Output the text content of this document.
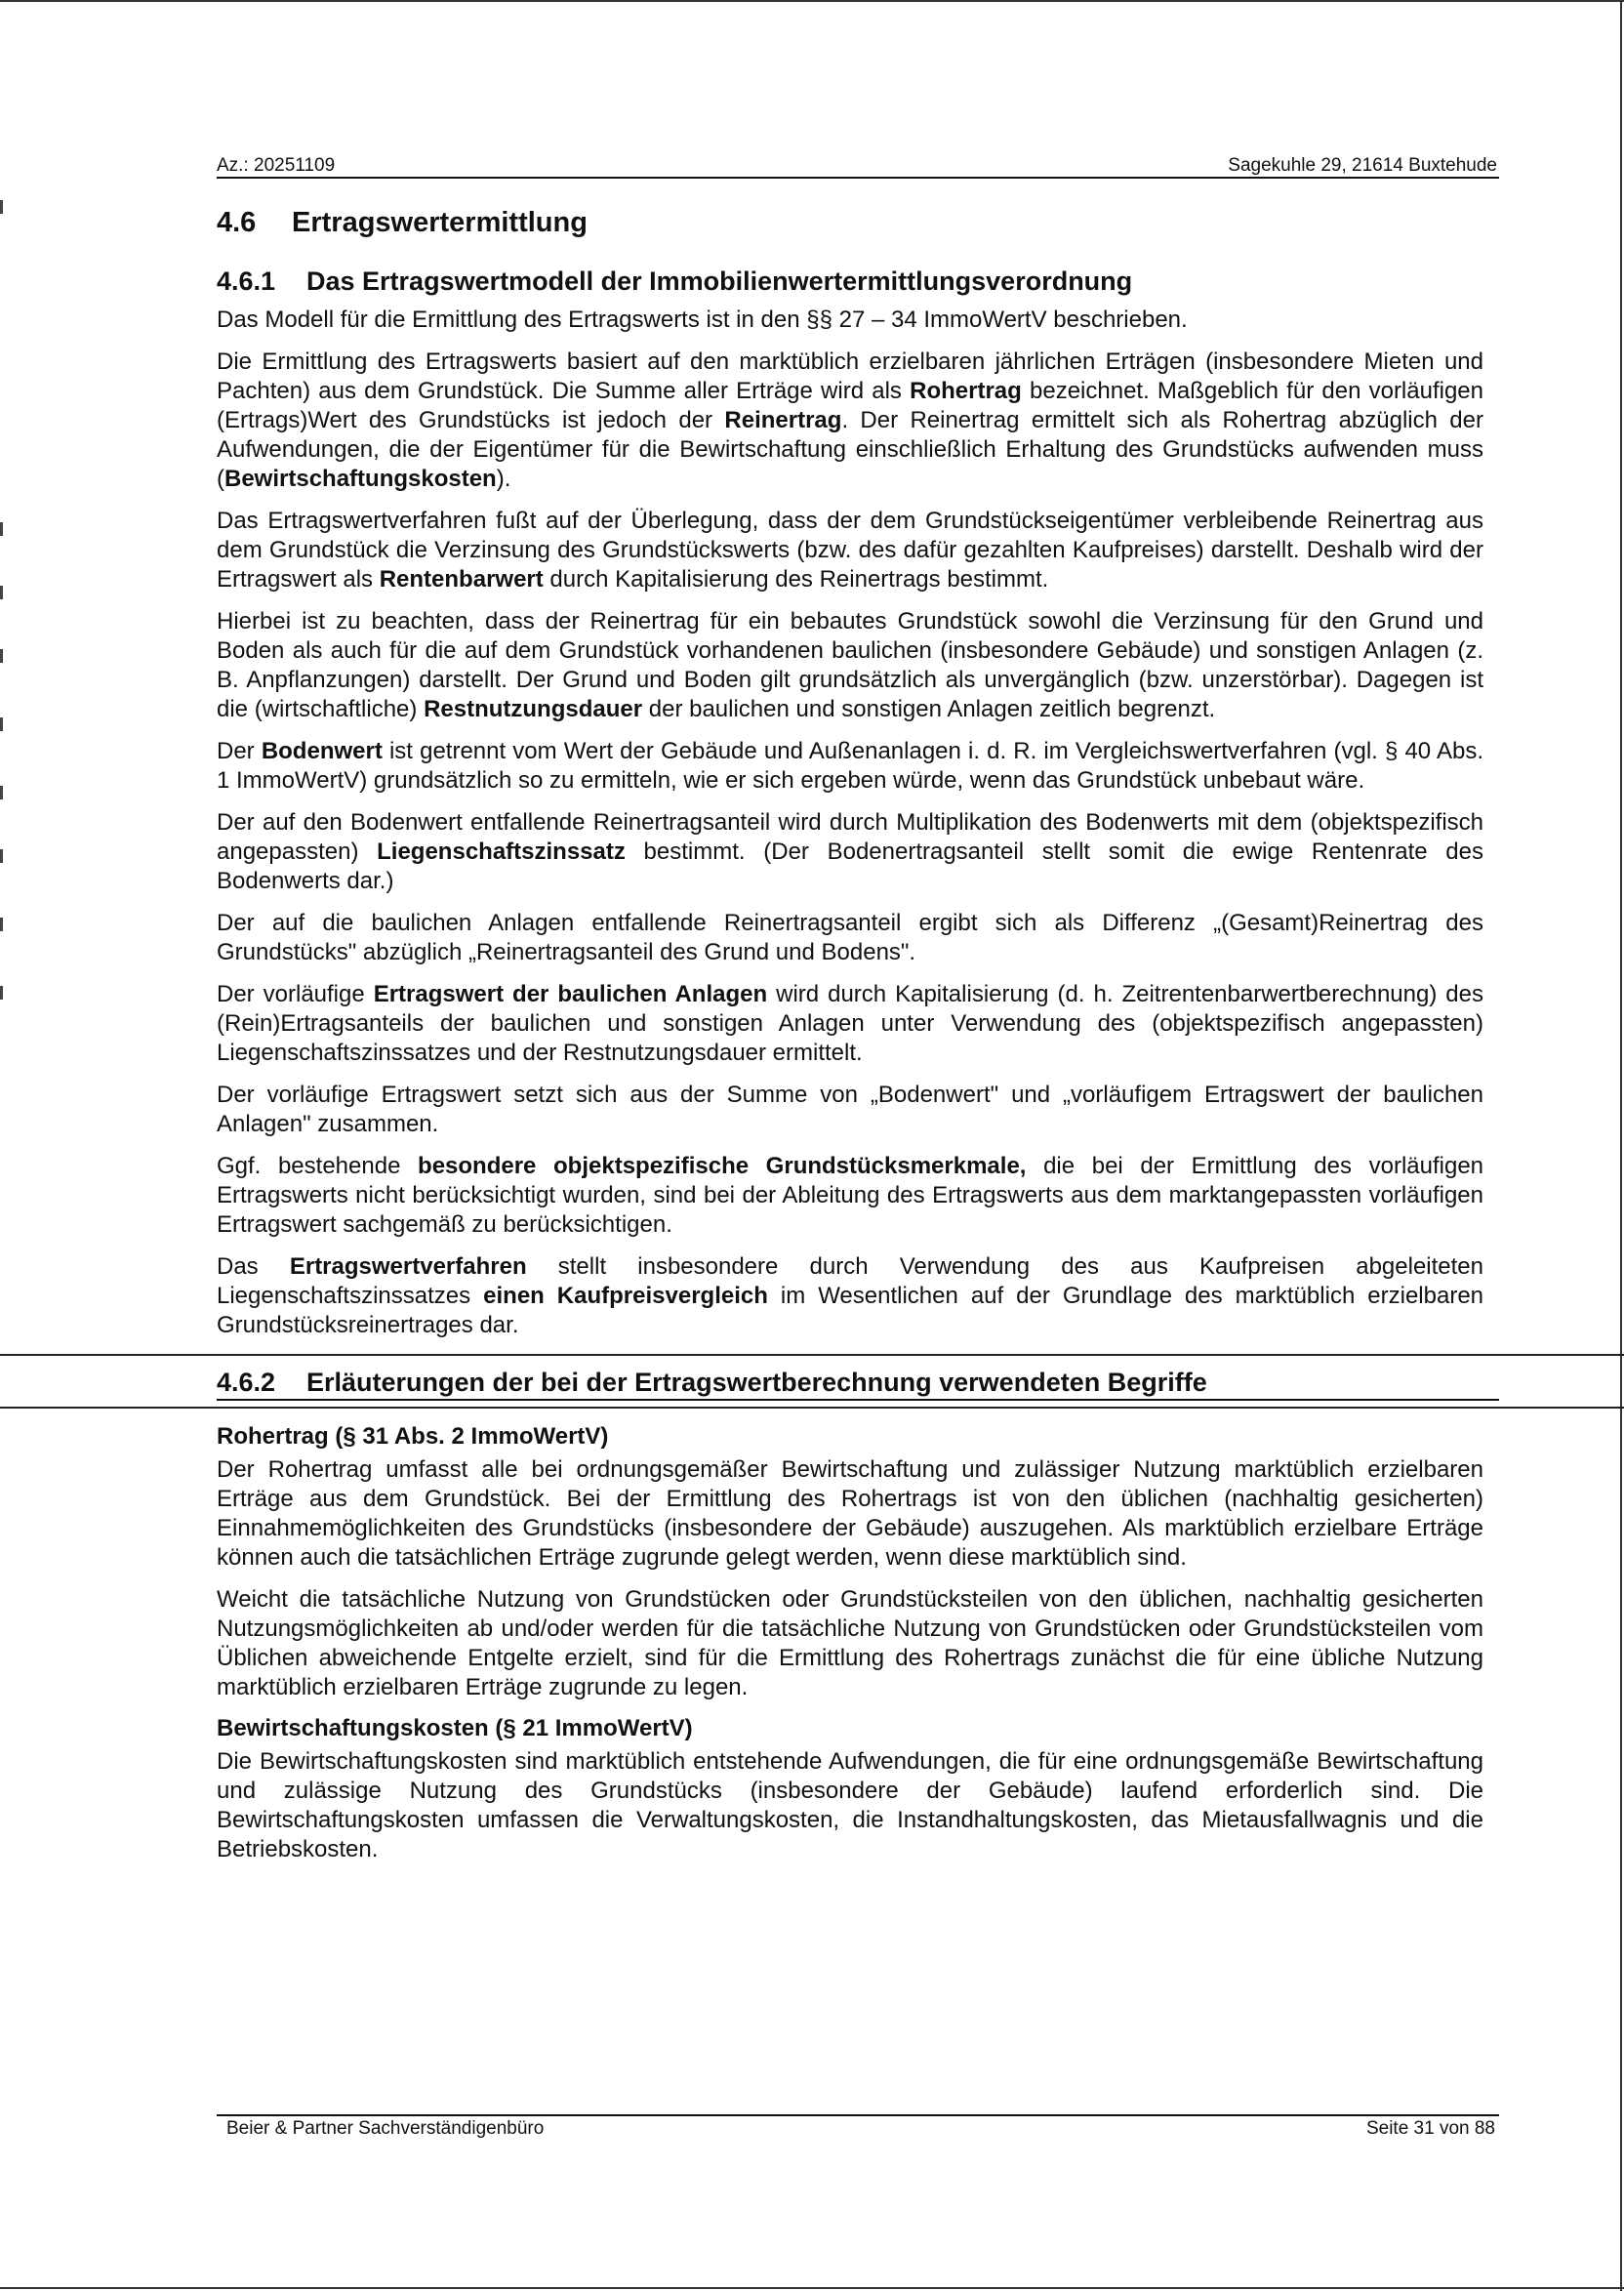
Az.: 20251109	Sagekuhle 29, 21614 Buxtehude
4.6 Ertragswertermittlung
4.6.1 Das Ertragswertmodell der Immobilienwertermittlungsverordnung

Das Modell für die Ermittlung des Ertragswerts ist in den §§ 27 – 34 ImmoWertV beschrieben.

Die Ermittlung des Ertragswerts basiert auf den marktüblich erzielbaren jährlichen Erträgen (insbesondere Mieten und Pachten) aus dem Grundstück. Die Summe aller Erträge wird als Rohertrag bezeichnet. Maßgeblich für den vorläufigen (Ertrags)Wert des Grundstücks ist jedoch der Reinertrag. Der Reinertrag ermittelt sich als Rohertrag abzüglich der Aufwendungen, die der Eigentümer für die Bewirtschaftung einschließlich Erhaltung des Grundstücks aufwenden muss (Bewirtschaftungskosten).

Das Ertragswertverfahren fußt auf der Überlegung, dass der dem Grundstückseigentümer verbleibende Reinertrag aus dem Grundstück die Verzinsung des Grundstückswerts (bzw. des dafür gezahlten Kaufpreises) darstellt. Deshalb wird der Ertragswert als Rentenbarwert durch Kapitalisierung des Reinertrags bestimmt.

Hierbei ist zu beachten, dass der Reinertrag für ein bebautes Grundstück sowohl die Verzinsung für den Grund und Boden als auch für die auf dem Grundstück vorhandenen baulichen (insbesondere Gebäude) und sonstigen Anlagen (z. B. Anpflanzungen) darstellt. Der Grund und Boden gilt grundsätzlich als unvergänglich (bzw. unzerstörbar). Dagegen ist die (wirtschaftliche) Restnutzungsdauer der baulichen und sonstigen Anlagen zeitlich begrenzt.

Der Bodenwert ist getrennt vom Wert der Gebäude und Außenanlagen i. d. R. im Vergleichswertverfahren (vgl. § 40 Abs. 1 ImmoWertV) grundsätzlich so zu ermitteln, wie er sich ergeben würde, wenn das Grundstück unbebaut wäre.

Der auf den Bodenwert entfallende Reinertragsanteil wird durch Multiplikation des Bodenwerts mit dem (objektspezifisch angepassten) Liegenschaftszinssatz bestimmt. (Der Bodenertragsanteil stellt somit die ewige Rentenrate des Bodenwerts dar.)

Der auf die baulichen Anlagen entfallende Reinertragsanteil ergibt sich als Differenz „(Gesamt)Reinertrag des Grundstücks" abzüglich „Reinertragsanteil des Grund und Bodens".

Der vorläufige Ertragswert der baulichen Anlagen wird durch Kapitalisierung (d. h. Zeitrentenbarwertberechnung) des (Rein)Ertragsanteils der baulichen und sonstigen Anlagen unter Verwendung des (objektspezifisch angepassten) Liegenschaftszinssatzes und der Restnutzungsdauer ermittelt.

Der vorläufige Ertragswert setzt sich aus der Summe von „Bodenwert" und „vorläufigem Ertragswert der baulichen Anlagen" zusammen.

Ggf. bestehende besondere objektspezifische Grundstücksmerkmale, die bei der Ermittlung des vorläufigen Ertragswerts nicht berücksichtigt wurden, sind bei der Ableitung des Ertragswerts aus dem marktangepassten vorläufigen Ertragswert sachgemäß zu berücksichtigen.

Das Ertragswertverfahren stellt insbesondere durch Verwendung des aus Kaufpreisen abgeleiteten Liegenschaftszinssatzes einen Kaufpreisvergleich im Wesentlichen auf der Grundlage des marktüblich erzielbaren Grundstücksreinertrages dar.

4.6.2 Erläuterungen der bei der Ertragswertberechnung verwendeten Begriffe
Rohertrag (§ 31 Abs. 2 ImmoWertV)

Der Rohertrag umfasst alle bei ordnungsgemäßer Bewirtschaftung und zulässiger Nutzung marktüblich erzielbaren Erträge aus dem Grundstück. Bei der Ermittlung des Rohertrags ist von den üblichen (nachhaltig gesicherten) Einnahmemöglichkeiten des Grundstücks (insbesondere der Gebäude) auszugehen. Als marktüblich erzielbare Erträge können auch die tatsächlichen Erträge zugrunde gelegt werden, wenn diese marktüblich sind.

Weicht die tatsächliche Nutzung von Grundstücken oder Grundstücksteilen von den üblichen, nachhaltig gesicherten Nutzungsmöglichkeiten ab und/oder werden für die tatsächliche Nutzung von Grundstücken oder Grundstücksteilen vom Üblichen abweichende Entgelte erzielt, sind für die Ermittlung des Rohertrags zunächst die für eine übliche Nutzung marktüblich erzielbaren Erträge zugrunde zu legen.

Bewirtschaftungskosten (§ 21 ImmoWertV)

Die Bewirtschaftungskosten sind marktüblich entstehende Aufwendungen, die für eine ordnungsgemäße Bewirtschaftung und zulässige Nutzung des Grundstücks (insbesondere der Gebäude) laufend erforderlich sind. Die Bewirtschaftungskosten umfassen die Verwaltungskosten, die Instandhaltungskosten, das Mietausfallwagnis und die Betriebskosten.

Beier & Partner Sachverständigenbüro	Seite 31 von 88
